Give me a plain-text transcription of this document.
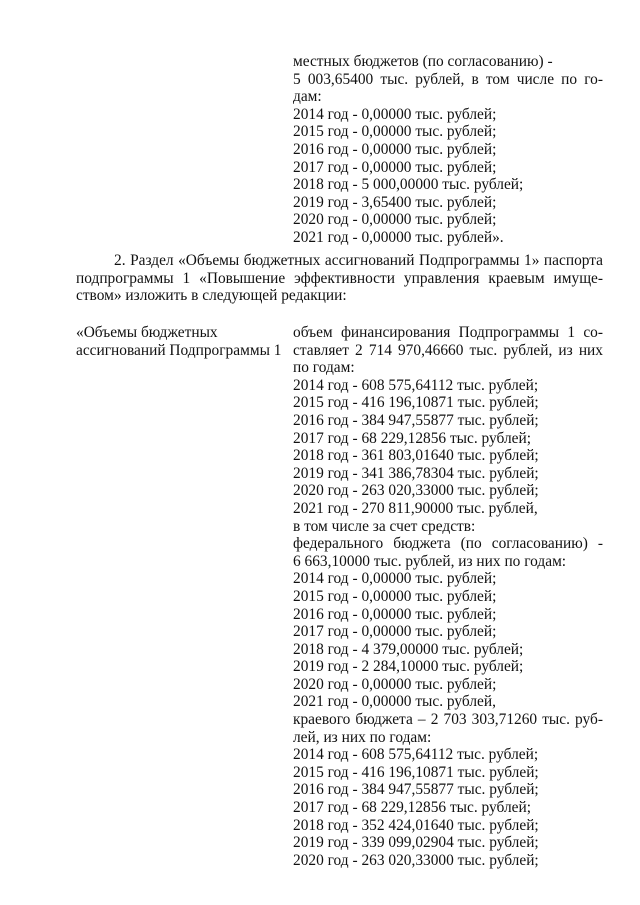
местных бюджетов (по согласованию) -
5 003,65400 тыс. рублей, в том числе по го-
дам:
2014 год - 0,00000 тыс. рублей;
2015 год - 0,00000 тыс. рублей;
2016 год - 0,00000 тыс. рублей;
2017 год - 0,00000 тыс. рублей;
2018 год - 5 000,00000 тыс. рублей;
2019 год - 3,65400 тыс. рублей;
2020 год - 0,00000 тыс. рублей;
2021 год - 0,00000 тыс. рублей».
2. Раздел «Объемы бюджетных ассигнований Подпрограммы 1» паспорта
подпрограммы 1 «Повышение эффективности управления краевым имуще-
ством» изложить в следующей редакции:
«Объемы бюджетных
ассигнований Подпрограммы 1
объем финансирования Подпрограммы 1 со-
ставляет 2 714 970,46660 тыс. рублей, из них
по годам:
2014 год - 608 575,64112 тыс. рублей;
2015 год - 416 196,10871 тыс. рублей;
2016 год - 384 947,55877 тыс. рублей;
2017 год - 68 229,12856 тыс. рублей;
2018 год - 361 803,01640 тыс. рублей;
2019 год - 341 386,78304 тыс. рублей;
2020 год - 263 020,33000 тыс. рублей;
2021 год - 270 811,90000 тыс. рублей,
в том числе за счет средств:
федерального бюджета (по согласованию) -
6 663,10000 тыс. рублей, из них по годам:
2014 год - 0,00000 тыс. рублей;
2015 год - 0,00000 тыс. рублей;
2016 год - 0,00000 тыс. рублей;
2017 год - 0,00000 тыс. рублей;
2018 год - 4 379,00000 тыс. рублей;
2019 год - 2 284,10000 тыс. рублей;
2020 год - 0,00000 тыс. рублей;
2021 год - 0,00000 тыс. рублей,
краевого бюджета – 2 703 303,71260 тыс. руб-
лей, из них по годам:
2014 год - 608 575,64112 тыс. рублей;
2015 год - 416 196,10871 тыс. рублей;
2016 год - 384 947,55877 тыс. рублей;
2017 год - 68 229,12856 тыс. рублей;
2018 год - 352 424,01640 тыс. рублей;
2019 год - 339 099,02904 тыс. рублей;
2020 год - 263 020,33000 тыс. рублей;
